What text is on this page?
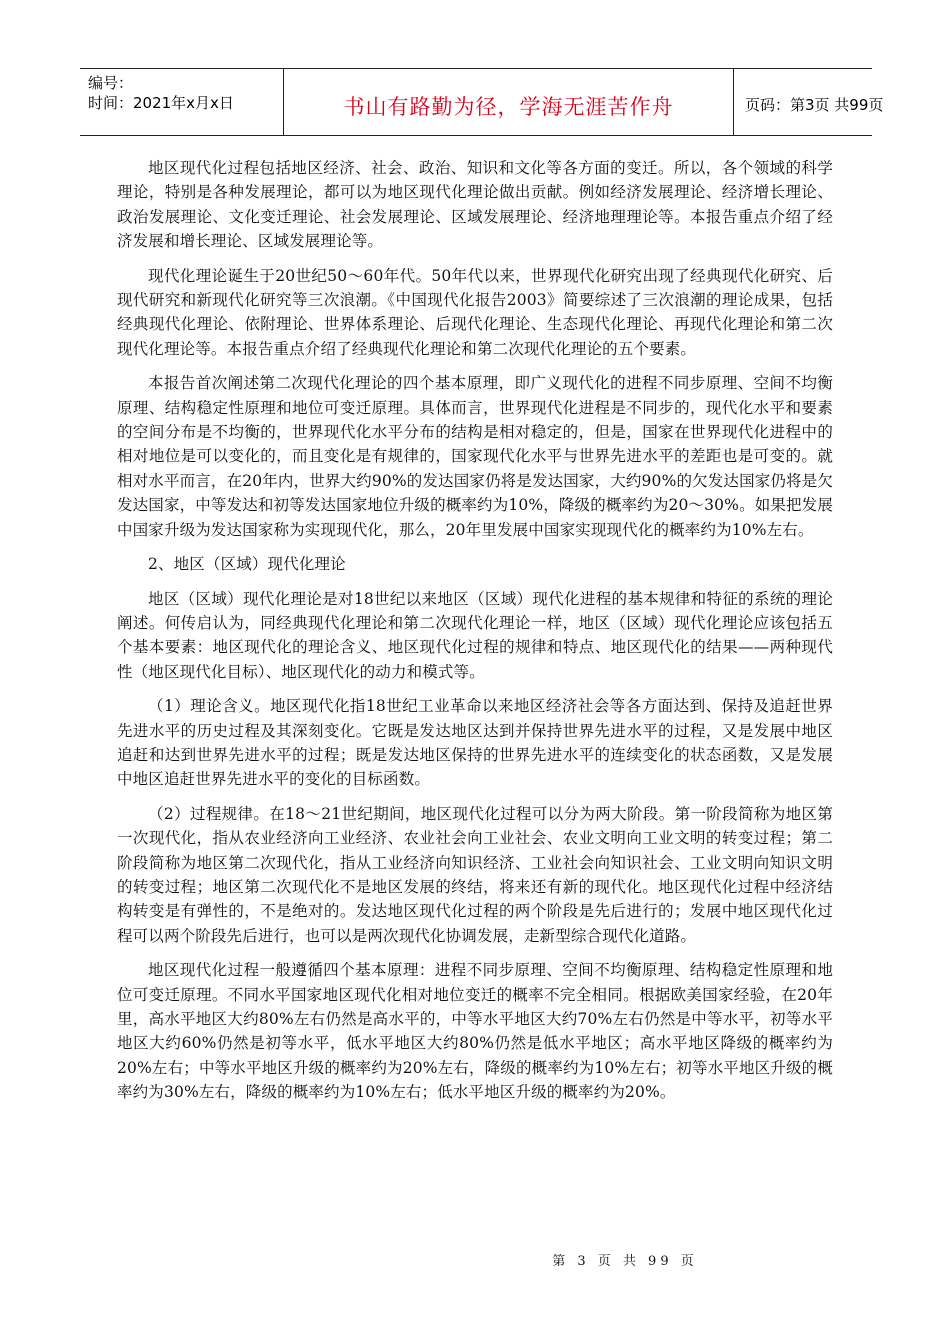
编号：
时间：2021年x月x日	书山有路勤为径，学海无涯苦作舟	页码：第3页 共99页

地区现代化过程包括地区经济、社会、政治、知识和文化等各方面的变迁。所以，各个领域的科学理论，特别是各种发展理论，都可以为地区现代化理论做出贡献。例如经济发展理论、经济增长理论、政治发展理论、文化变迁理论、社会发展理论、区域发展理论、经济地理理论等。本报告重点介绍了经济发展和增长理论、区域发展理论等。

现代化理论诞生于20世纪50～60年代。50年代以来，世界现代化研究出现了经典现代化研究、后现代研究和新现代化研究等三次浪潮。《中国现代化报告2003》简要综述了三次浪潮的理论成果，包括经典现代化理论、依附理论、世界体系理论、后现代化理论、生态现代化理论、再现代化理论和第二次现代化理论等。本报告重点介绍了经典现代化理论和第二次现代化理论的五个要素。

本报告首次阐述第二次现代化理论的四个基本原理，即广义现代化的进程不同步原理、空间不均衡原理、结构稳定性原理和地位可变迁原理。具体而言，世界现代化进程是不同步的，现代化水平和要素的空间分布是不均衡的，世界现代化水平分布的结构是相对稳定的，但是，国家在世界现代化进程中的相对地位是可以变化的，而且变化是有规律的，国家现代化水平与世界先进水平的差距也是可变的。就相对水平而言，在20年内，世界大约90%的发达国家仍将是发达国家，大约90%的欠发达国家仍将是欠发达国家，中等发达和初等发达国家地位升级的概率约为10%，降级的概率约为20～30%。如果把发展中国家升级为发达国家称为实现现代化，那么，20年里发展中国家实现现代化的概率约为10%左右。

2、地区（区域）现代化理论

地区（区域）现代化理论是对18世纪以来地区（区域）现代化进程的基本规律和特征的系统的理论阐述。何传启认为，同经典现代化理论和第二次现代化理论一样，地区（区域）现代化理论应该包括五个基本要素：地区现代化的理论含义、地区现代化过程的规律和特点、地区现代化的结果——两种现代性（地区现代化目标）、地区现代化的动力和模式等。

（1）理论含义。地区现代化指18世纪工业革命以来地区经济社会等各方面达到、保持及追赶世界先进水平的历史过程及其深刻变化。它既是发达地区达到并保持世界先进水平的过程，又是发展中地区追赶和达到世界先进水平的过程；既是发达地区保持的世界先进水平的连续变化的状态函数，又是发展中地区追赶世界先进水平的变化的目标函数。

（2）过程规律。在18～21世纪期间，地区现代化过程可以分为两大阶段。第一阶段简称为地区第一次现代化，指从农业经济向工业经济、农业社会向工业社会、农业文明向工业文明的转变过程；第二阶段简称为地区第二次现代化，指从工业经济向知识经济、工业社会向知识社会、工业文明向知识文明的转变过程；地区第二次现代化不是地区发展的终结，将来还有新的现代化。地区现代化过程中经济结构转变是有弹性的，不是绝对的。发达地区现代化过程的两个阶段是先后进行的；发展中地区现代化过程可以两个阶段先后进行，也可以是两次现代化协调发展，走新型综合现代化道路。

地区现代化过程一般遵循四个基本原理：进程不同步原理、空间不均衡原理、结构稳定性原理和地位可变迁原理。不同水平国家地区现代化相对地位变迁的概率不完全相同。根据欧美国家经验，在20年里，高水平地区大约80%左右仍然是高水平的，中等水平地区大约70%左右仍然是中等水平，初等水平地区大约60%仍然是初等水平，低水平地区大约80%仍然是低水平地区；高水平地区降级的概率约为20%左右；中等水平地区升级的概率约为20%左右，降级的概率约为10%左右；初等水平地区升级的概率约为30%左右，降级的概率约为10%左右；低水平地区升级的概率约为20%。

第 3 页 共 99 页
